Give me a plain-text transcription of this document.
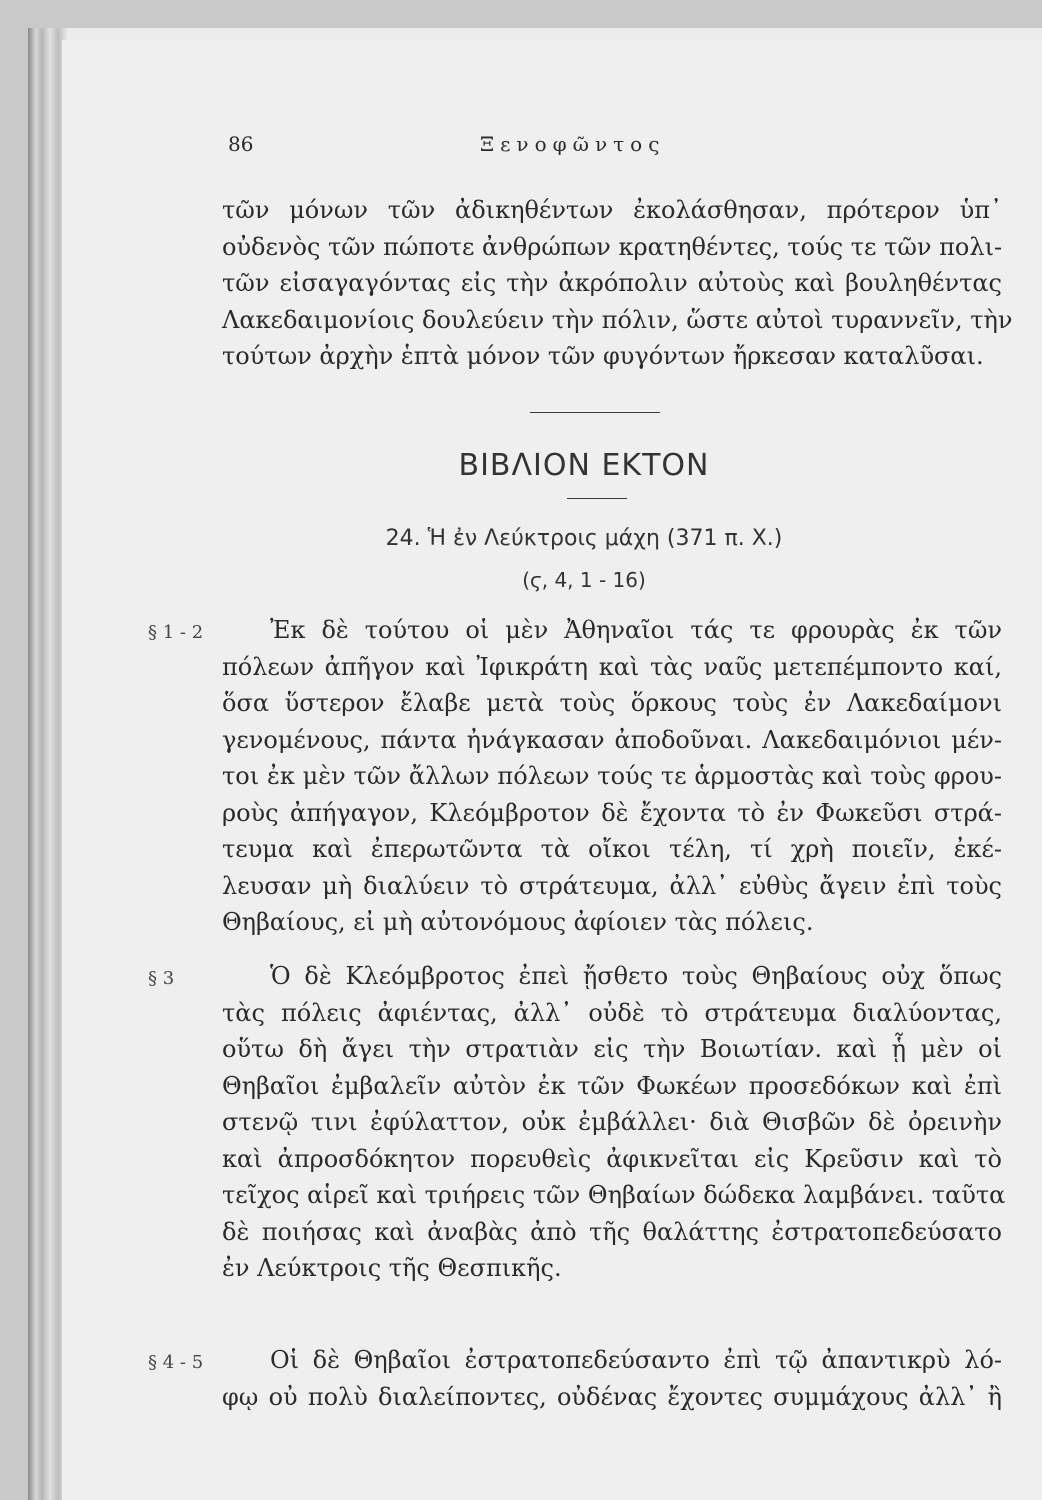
86	Ξενοφῶντος
τῶν μόνων τῶν ἀδικηθέντων ἐκολάσθησαν, πρότερον ὑπ᾽
οὐδενὸς τῶν πώποτε ἀνθρώπων κρατηθέντες, τούς τε τῶν πολι-
τῶν εἰσαγαγόντας εἰς τὴν ἀκρόπολιν αὐτοὺς καὶ βουληθέντας
Λακεδαιμονίοις δουλεύειν τὴν πόλιν, ὥστε αὐτοὶ τυραννεῖν, τὴν
τούτων ἀρχὴν ἑπτὰ μόνον τῶν φυγόντων ἤρκεσαν καταλῦσαι.
ΒΙΒΛΙΟΝ ΕΚΤΟΝ
24. Ἡ ἐν Λεύκτροις μάχη (371 π. Χ.)
(ϛ, 4, 1 - 16)
§ 1 - 2	Ἐκ δὲ τούτου οἱ μὲν Ἀθηναῖοι τάς τε φρουρὰς ἐκ τῶν
πόλεων ἀπῆγον καὶ Ἰφικράτη καὶ τὰς ναῦς μετεπέμποντο καί,
ὅσα ὕστερον ἔλαβε μετὰ τοὺς ὅρκους τοὺς ἐν Λακεδαίμονι
γενομένους, πάντα ἠνάγκασαν ἀποδοῦναι. Λακεδαιμόνιοι μέν-
τοι ἐκ μὲν τῶν ἄλλων πόλεων τούς τε ἁρμοστὰς καὶ τοὺς φρου-
ροὺς ἀπήγαγον, Κλεόμβροτον δὲ ἔχοντα τὸ ἐν Φωκεῦσι στρά-
τευμα καὶ ἐπερωτῶντα τὰ οἴκοι τέλη, τί χρὴ ποιεῖν, ἐκέ-
λευσαν μὴ διαλύειν τὸ στράτευμα, ἀλλ᾽ εὐθὺς ἄγειν ἐπὶ τοὺς
Θηβαίους, εἰ μὴ αὐτονόμους ἀφίοιεν τὰς πόλεις.
§ 3	Ὁ δὲ Κλεόμβροτος ἐπεὶ ᾔσθετο τοὺς Θηβαίους οὐχ ὅπως
τὰς πόλεις ἀφιέντας, ἀλλ᾽ οὐδὲ τὸ στράτευμα διαλύοντας,
οὕτω δὴ ἄγει τὴν στρατιὰν εἰς τὴν Βοιωτίαν. καὶ ᾗ μὲν οἱ
Θηβαῖοι ἐμβαλεῖν αὐτὸν ἐκ τῶν Φωκέων προσεδόκων καὶ ἐπὶ
στενῷ τινι ἐφύλαττον, οὐκ ἐμβάλλει· διὰ Θισβῶν δὲ ὀρεινὴν
καὶ ἀπροσδόκητον πορευθεὶς ἀφικνεῖται εἰς Κρεῦσιν καὶ τὸ
τεῖχος αἱρεῖ καὶ τριήρεις τῶν Θηβαίων δώδεκα λαμβάνει. ταῦτα
δὲ ποιήσας καὶ ἀναβὰς ἀπὸ τῆς θαλάττης ἐστρατοπεδεύσατο
ἐν Λεύκτροις τῆς Θεσπικῆς.
§ 4 - 5	Οἱ δὲ Θηβαῖοι ἐστρατοπεδεύσαντο ἐπὶ τῷ ἀπαντικρὺ λό-
φῳ οὐ πολὺ διαλείποντες, οὐδένας ἔχοντες συμμάχους ἀλλ᾽ ἢ
